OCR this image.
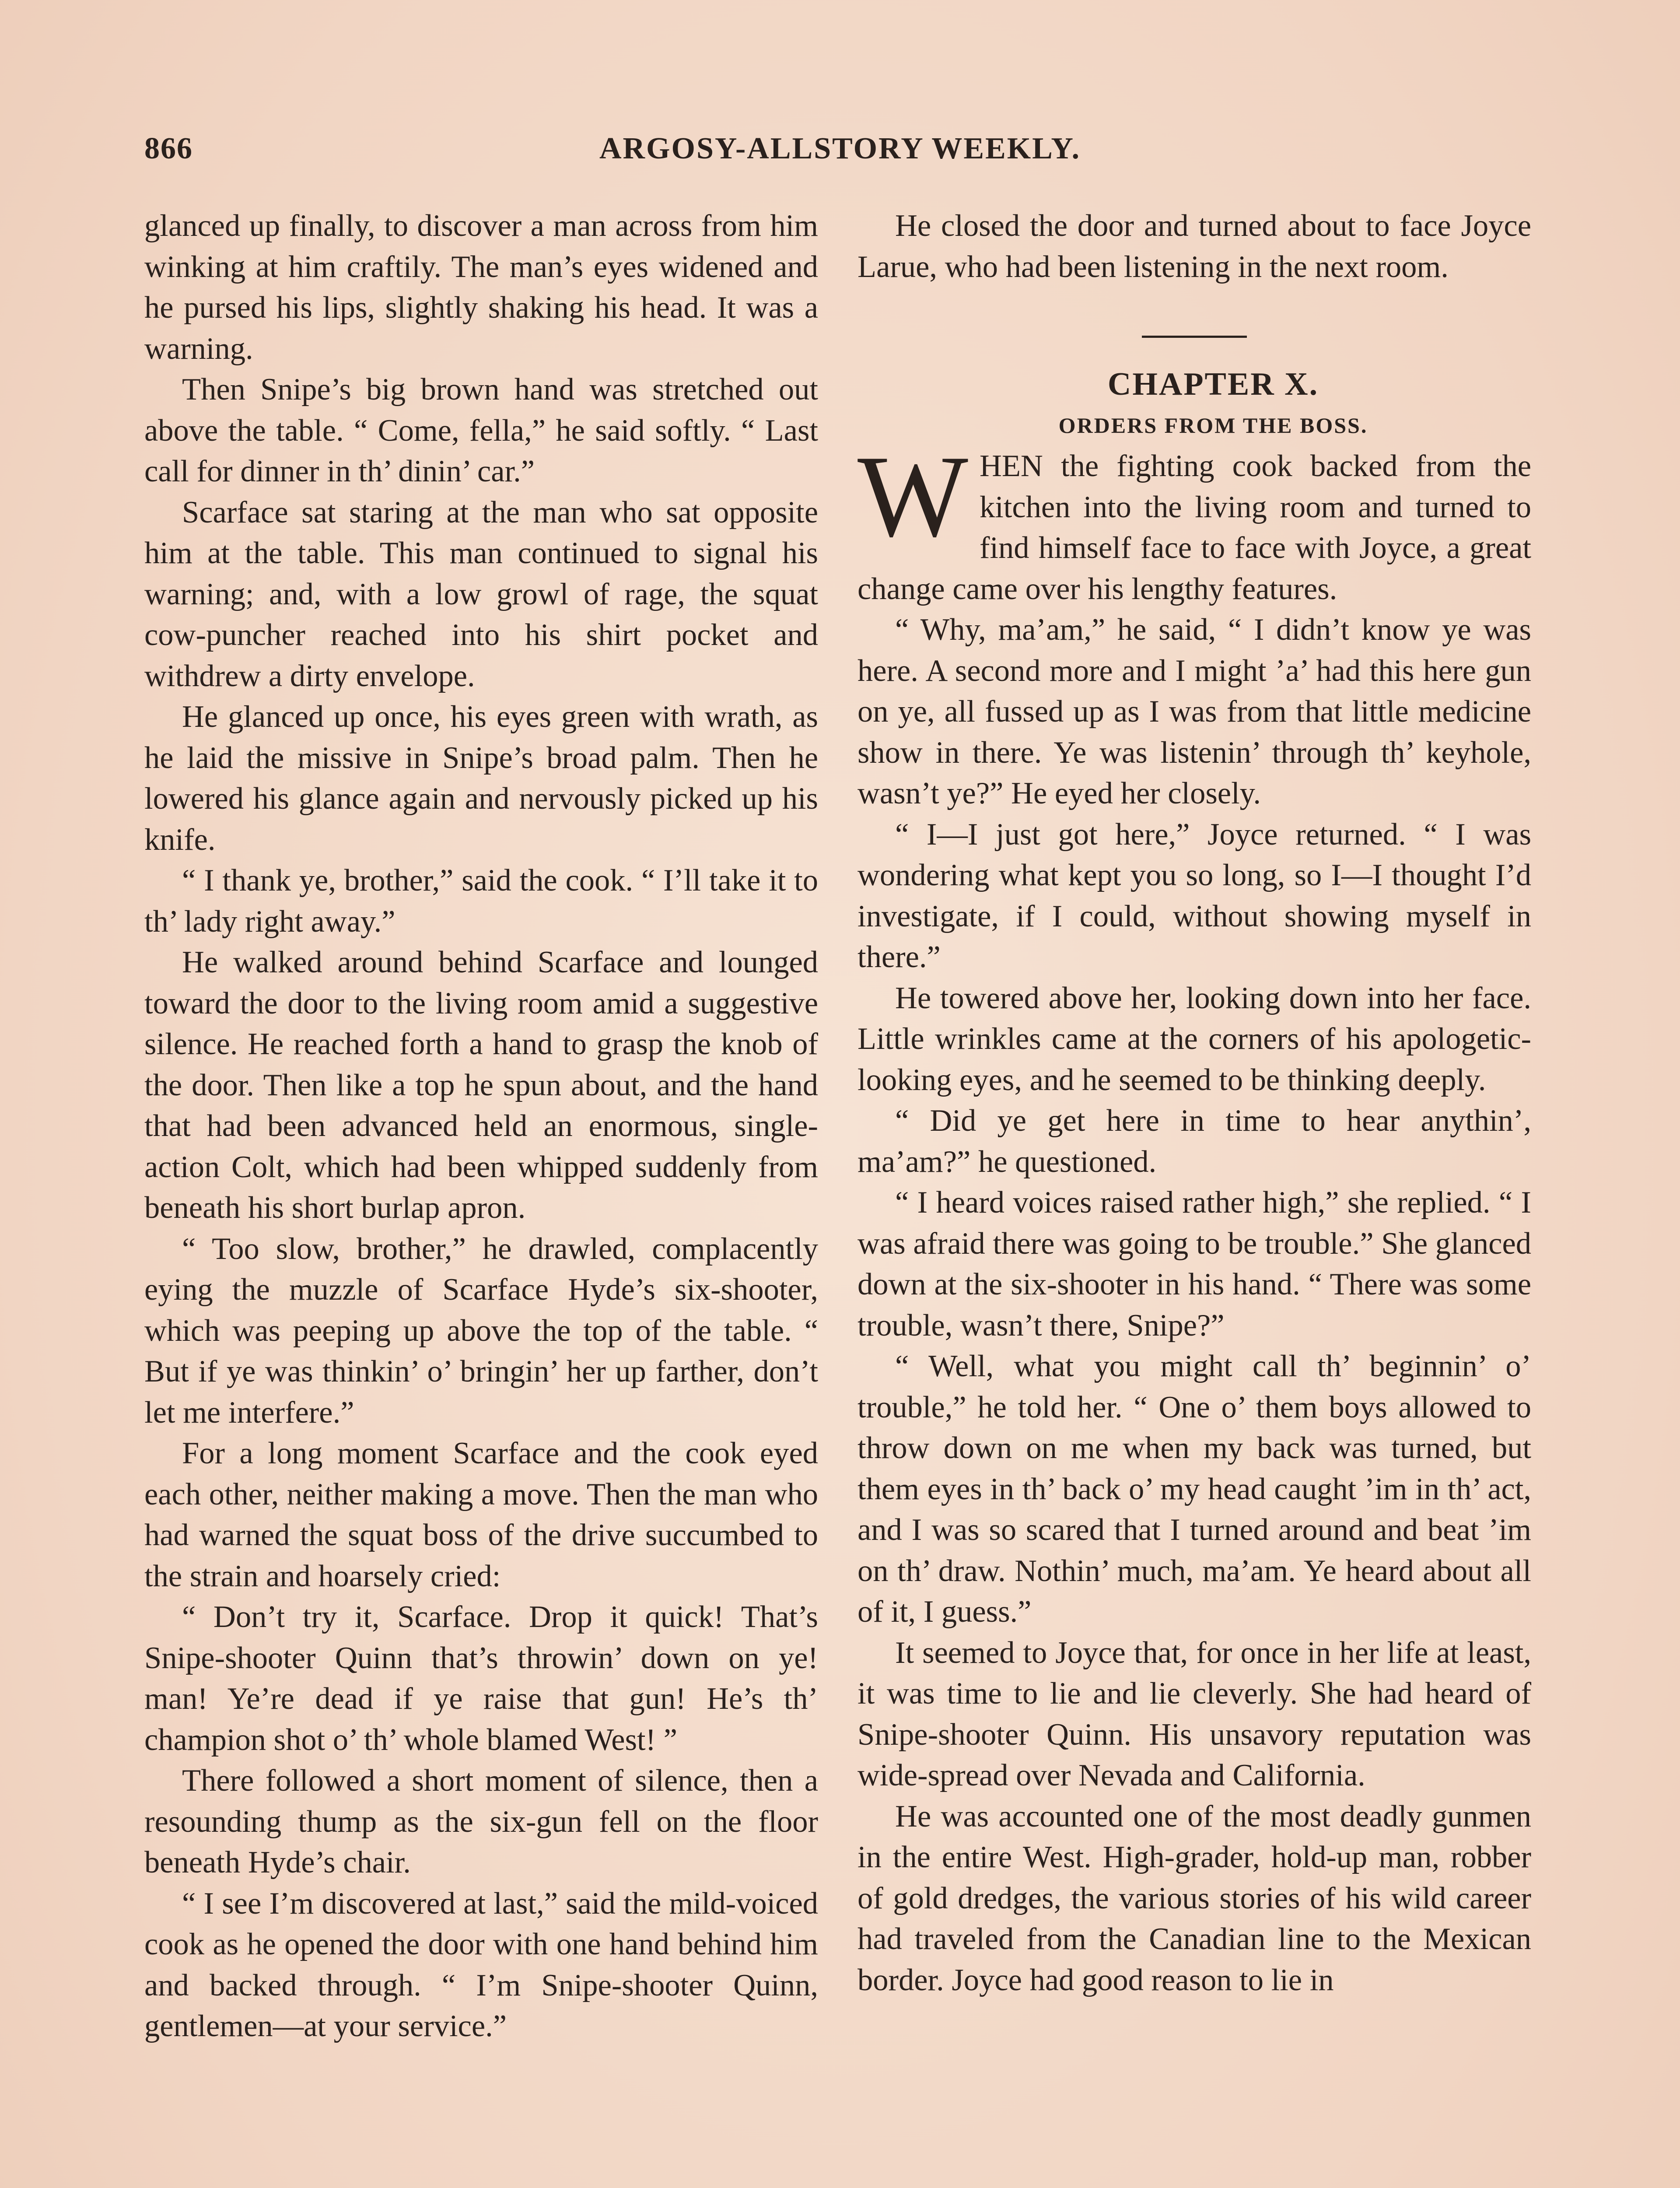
866	ARGOSY-ALLSTORY WEEKLY.

glanced up finally, to discover a man across from him winking at him craftily. The man’s eyes widened and he pursed his lips, slightly shaking his head. It was a warning.

Then Snipe’s big brown hand was stretched out above the table. “ Come, fella,” he said softly. “ Last call for dinner in th’ dinin’ car.”

Scarface sat staring at the man who sat opposite him at the table. This man continued to signal his warning; and, with a low growl of rage, the squat cow-puncher reached into his shirt pocket and withdrew a dirty envelope.

He glanced up once, his eyes green with wrath, as he laid the missive in Snipe’s broad palm. Then he lowered his glance again and nervously picked up his knife.

“ I thank ye, brother,” said the cook. “ I’ll take it to th’ lady right away.”

He walked around behind Scarface and lounged toward the door to the living room amid a suggestive silence. He reached forth a hand to grasp the knob of the door. Then like a top he spun about, and the hand that had been advanced held an enormous, single-action Colt, which had been whipped suddenly from beneath his short burlap apron.

“ Too slow, brother,” he drawled, complacently eying the muzzle of Scarface Hyde’s six-shooter, which was peeping up above the top of the table. “ But if ye was thinkin’ o’ bringin’ her up farther, don’t let me interfere.”

For a long moment Scarface and the cook eyed each other, neither making a move. Then the man who had warned the squat boss of the drive succumbed to the strain and hoarsely cried:

“ Don’t try it, Scarface. Drop it quick! That’s Snipe-shooter Quinn that’s throwin’ down on ye! man! Ye’re dead if ye raise that gun! He’s th’ champion shot o’ th’ whole blamed West! ”

There followed a short moment of silence, then a resounding thump as the six-gun fell on the floor beneath Hyde’s chair.

“ I see I’m discovered at last,” said the mild-voiced cook as he opened the door with one hand behind him and backed through. “ I’m Snipe-shooter Quinn, gentlemen—at your service.”

He closed the door and turned about to face Joyce Larue, who had been listening in the next room.

CHAPTER X.

ORDERS FROM THE BOSS.

WHEN the fighting cook backed from the kitchen into the living room and turned to find himself face to face with Joyce, a great change came over his lengthy features.

“ Why, ma’am,” he said, “ I didn’t know ye was here. A second more and I might ’a’ had this here gun on ye, all fussed up as I was from that little medicine show in there. Ye was listenin’ through th’ keyhole, wasn’t ye?” He eyed her closely.

“ I—I just got here,” Joyce returned. “ I was wondering what kept you so long, so I—I thought I’d investigate, if I could, without showing myself in there.”

He towered above her, looking down into her face. Little wrinkles came at the corners of his apologetic-looking eyes, and he seemed to be thinking deeply.

“ Did ye get here in time to hear anythin’, ma’am?” he questioned.

“ I heard voices raised rather high,” she replied. “ I was afraid there was going to be trouble.” She glanced down at the six-shooter in his hand. “ There was some trouble, wasn’t there, Snipe?”

“ Well, what you might call th’ beginnin’ o’ trouble,” he told her. “ One o’ them boys allowed to throw down on me when my back was turned, but them eyes in th’ back o’ my head caught ’im in th’ act, and I was so scared that I turned around and beat ’im on th’ draw. Nothin’ much, ma’am. Ye heard about all of it, I guess.”

It seemed to Joyce that, for once in her life at least, it was time to lie and lie cleverly. She had heard of Snipe-shooter Quinn. His unsavory reputation was wide-spread over Nevada and California.

He was accounted one of the most deadly gunmen in the entire West. High-grader, hold-up man, robber of gold dredges, the various stories of his wild career had traveled from the Canadian line to the Mexican border. Joyce had good reason to lie in
